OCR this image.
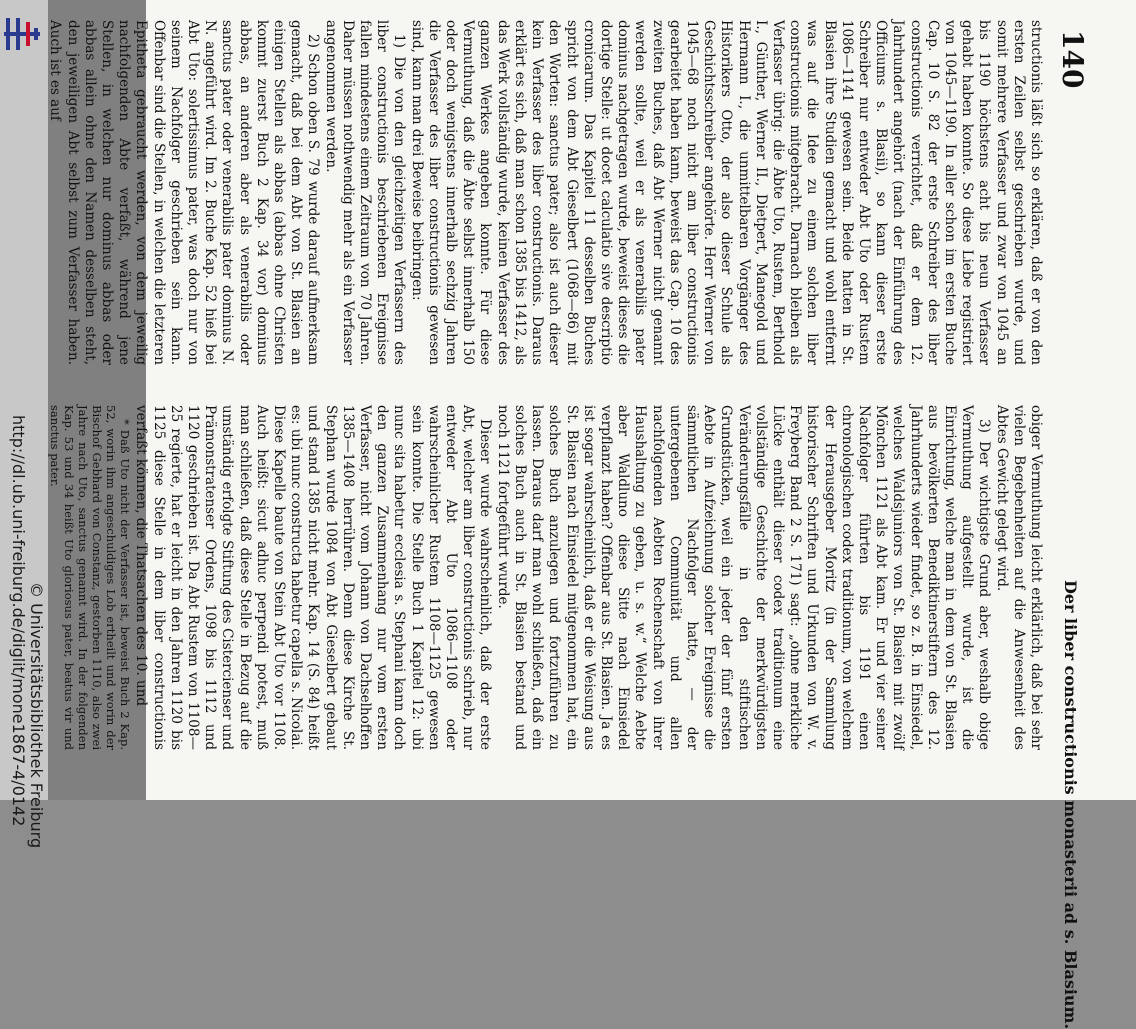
http://dl.ub.uni-freiburg.de/diglit/mone1867-4/0142 © Universitätsbibliothek Freiburg
140
Der liber constructionis monasterii ad s. Blasium.

structionis läßt sich so erklären, daß er von den ersten Zeilen selbst geschrieben wurde, und somit mehrere Verfasser und zwar von 1045 an bis 1190 höchstens acht bis neun Verfasser gehabt haben konnte. So diese Liebe registriert von 1045—1190. In aller schon im ersten Buche Cap. 10 S. 82 der erste Schreiber des liber constructionis verrichtet, daß er dem 12. Jahrhundert angehört (nach der Einführung des Officiums s. Blasii), so kann dieser erste Schreiber nur entweder Abt Uto oder Rustem 1086—1141 gewesen sein. Beide hatten in St. Blasien ihre Studien gemacht und wohl entfernt was auf die Idee zu einem solchen liber constructionis mitgebracht. Darnach bleiben als Verfasser übrig: die Äbte Uto, Rustem, Berthold I., Günther, Werner II., Dietpert, Manegold und Hermann I., die unmittelbaren Vorgänger des Historikers Otto, der also dieser Schule als Geschichtsschreiber angehörte. Herr Werner von 1045—68 noch nicht am liber constructionis gearbeitet haben kann, beweist das Cap. 10 des zweiten Buches, daß Abt Werner nicht genannt werden sollte, weil er als venerabilis pater dominus nachgetragen wurde, beweist dieses die dortige Stelle: ut docet calculatio sive descriptio cronicarum. Das Kapitel 11 desselben Buches spricht von dem Abt Gieselbert (1068—86) mit den Worten: sanctus pater; also ist auch dieser kein Verfasser des liber constructionis. Daraus erklärt es sich, daß man schon 1385 bis 1412, als das Werk vollständig wurde, keinen Verfasser des ganzen Werkes angeben konnte. Für diese Vermuthung, daß die Äbte selbst innerhalb 150 oder doch wenigstens innerhalb sechzig Jahren die Verfasser des liber constructionis gewesen sind, kann man drei Beweise beibringen:

1) Die von den gleichzeitigen Verfassern des liber constructionis beschriebenen Ereignisse fallen mindestens einem Zeitraum von 70 Jahren. Daher müssen nothwendig mehr als ein Verfasser angenommen werden.

2) Schon oben S. 79 wurde darauf aufmerksam gemacht, daß bei dem Abt von St. Blasien an einigen Stellen als abbas (abbas ohne Christen kommt zuerst Buch 2 Kap. 34 vor) dominus abbas, an anderen aber als venerabilis oder sanctus pater oder venerabilis pater dominus N. N. angeführt wird. Im 2. Buche Kap. 52 hieß bei Abt Uto: solertissimus pater, was doch nur von seinem Nachfolger geschrieben sein kann. Offenbar sind die Stellen, in welchen die letzteren Epitheta gebraucht werden, von dem jeweilig nachfolgenden Abte verfaßt, während jene Stellen, in welchen nur dominus abbas oder abbas allein ohne den Namen desselben steht, den jeweiligen Abt selbst zum Verfasser haben. Auch ist es auf

obiger Vermuthung leicht erklärlich, daß bei sehr vielen Begebenheiten auf die Anwesenheit des Abtes Gewicht gelegt wird.

3) Der wichtigste Grund aber, weshalb obige Vermuthung aufgestellt wurde, ist die Einrichtung, welche man in dem von St. Blasien aus bevölkerten Benediktinerstiftern des 12. Jahrhunderts wieder findet, so z. B. in Einsiedel, welches Waldsjuniors von St. Blasien mit zwölf Mönchen 1121 als Abt kam. Er und vier seiner Nachfolger führten bis 1191 einen chronologischen codex traditionum, von welchem der Herausgeber Moritz (in der Sammlung historischer Schriften und Urkunden von W. v. Freyberg Band 2 S. 171) sagt: „ohne merkliche Lücke enthält dieser codex traditionum eine vollständige Geschichte der merkwürdigsten Veränderungsfälle in den stiftischen Grundstücken, weil ein jeder der fünf ersten Aebte in Aufzeichnung solcher Ereignisse die sämmtlichen Nachfolger hatte, — der untergebenen Communität und allen nachfolgenden Aebten Rechenschaft von ihrer Haushaltung zu geben, u. s. w.“ Welche Aebte aber Waldluno diese Sitte nach Einsiedel verpflanzt haben? Offenbar aus St. Blasien. Ja es ist sogar wahrscheinlich, daß er die Weisung aus St. Blasien nach Einsiedel mitgenommen hat, ein solches Buch anzulegen und fortzuführen zu lassen. Daraus darf man wohl schließen, daß ein solches Buch auch in St. Blasien bestand und noch 1121 fortgeführt wurde.

Dieser wurde wahrscheinlich, daß der erste Abt, welcher am liber constructionis schrieb, nur entweder Abt Uto 1086—1108 oder wahrscheinlicher Rustem 1108—1125 gewesen sein konnte. Die Stelle Buch 1 Kapitel 12: ubi nunc sita habetur ecclesia s. Stephani kann doch den ganzen Zusammenhang nur vom ersten Verfasser, nicht vom Johann von Dachselhoffen 1385—1408 herrühren. Denn diese Kirche St. Stephan wurde 1084 von Abt Gieselbert gebaut und stand 1385 nicht mehr. Kap. 14 (S. 84) heißt es: ubi nunc constructa habetur capella s. Nicolai. Diese Kapelle baute von Stein Abt Uto vor 1108. Auch heißt: sicut adhuc perpendi potest, muß man schließen, daß diese Stelle in Bezug auf die umständig erfolgte Stiftung des Cistercienser und Prämonstratenser Ordens, 1098 bis 1112 und 1120 geschrieben ist. Da Abt Rustem von 1108—25 regierte, hat er leicht in den Jahren 1120 bis 1125 diese Stelle in dem liber constructionis verfaßt können, die Thatsachen des 10. und

* Daß Uto nicht der Verfasser ist, beweist Buch 2 Kap. 52, worin ihm angeschuldiges Lob ertheilt und worin der Bischof Gebhard von Constanz, gestorben 1110, also zwei Jahre nach Uto, sanctus genannt wird. In der folgenden Kap. 53 und 34 heißt Uto gloriosus pater, beatus vir und sanctus pater.
